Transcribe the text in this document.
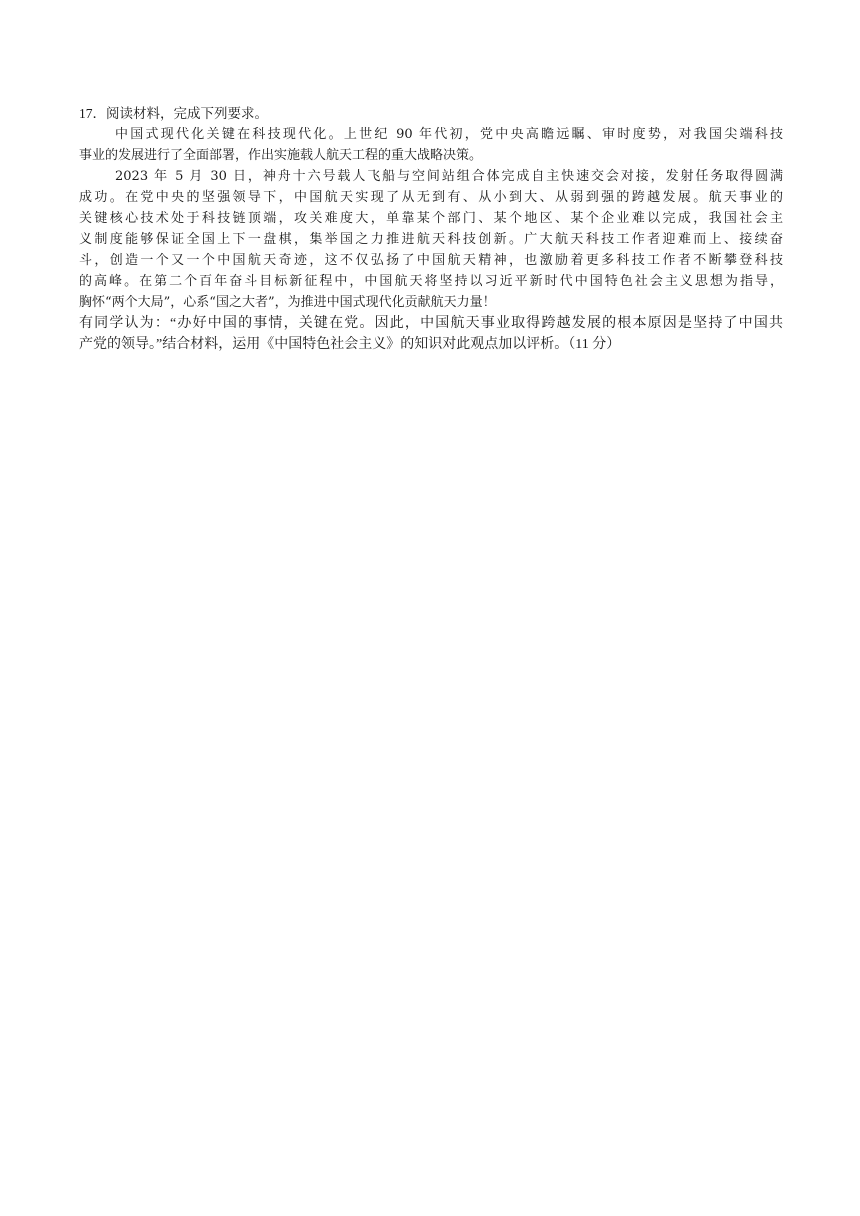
17．阅读材料，完成下列要求。

中国式现代化关键在科技现代化。上世纪 90 年代初，党中央高瞻远瞩、审时度势，对我国尖端科技

事业的发展进行了全面部署，作出实施载人航天工程的重大战略决策。

2023 年 5 月 30 日，神舟十六号载人飞船与空间站组合体完成自主快速交会对接，发射任务取得圆满

成功。在党中央的坚强领导下，中国航天实现了从无到有、从小到大、从弱到强的跨越发展。航天事业的

关键核心技术处于科技链顶端，攻关难度大，单靠某个部门、某个地区、某个企业难以完成，我国社会主

义制度能够保证全国上下一盘棋，集举国之力推进航天科技创新。广大航天科技工作者迎难而上、接续奋

斗，创造一个又一个中国航天奇迹，这不仅弘扬了中国航天精神，也激励着更多科技工作者不断攀登科技

的高峰。在第二个百年奋斗目标新征程中，中国航天将坚持以习近平新时代中国特色社会主义思想为指导，

胸怀“两个大局”，心系“国之大者”，为推进中国式现代化贡献航天力量！

有同学认为：“办好中国的事情，关键在党。因此，中国航天事业取得跨越发展的根本原因是坚持了中国共

产党的领导。”结合材料，运用《中国特色社会主义》的知识对此观点加以评析。（11 分）
